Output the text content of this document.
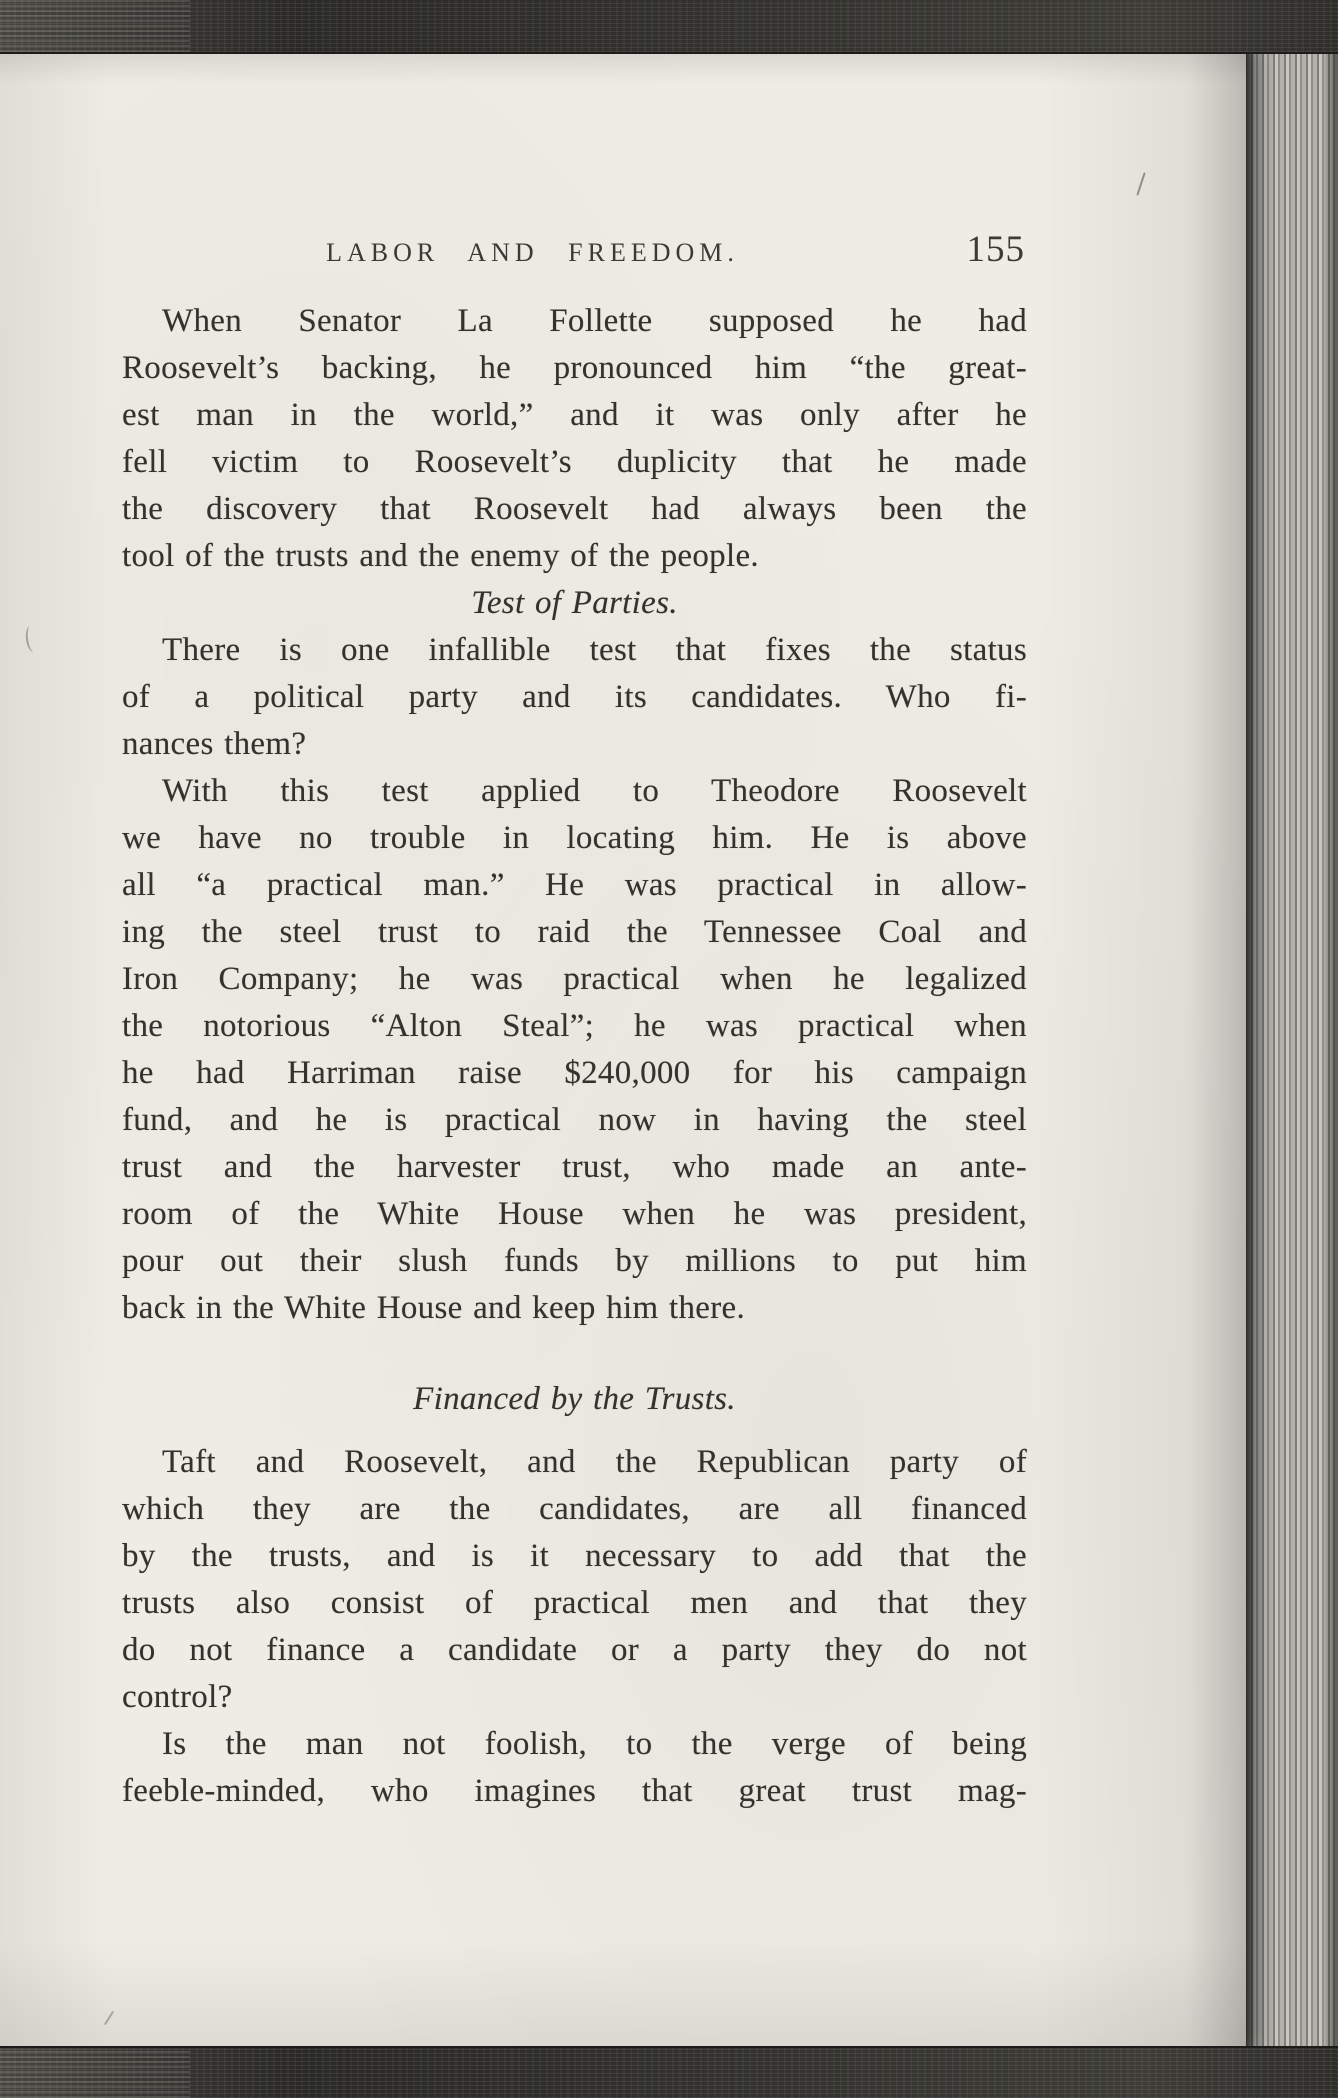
LABOR AND FREEDOM.	155
When Senator La Follette supposed he had
Roosevelt’s backing, he pronounced him “the great-
est man in the world,” and it was only after he
fell victim to Roosevelt’s duplicity that he made
the discovery that Roosevelt had always been the
tool of the trusts and the enemy of the people.
Test of Parties.
There is one infallible test that fixes the status
of a political party and its candidates. Who fi-
nances them?
With this test applied to Theodore Roosevelt
we have no trouble in locating him. He is above
all “a practical man.” He was practical in allow-
ing the steel trust to raid the Tennessee Coal and
Iron Company; he was practical when he legalized
the notorious “Alton Steal”; he was practical when
he had Harriman raise $240,000 for his campaign
fund, and he is practical now in having the steel
trust and the harvester trust, who made an ante-
room of the White House when he was president,
pour out their slush funds by millions to put him
back in the White House and keep him there.
Financed by the Trusts.
Taft and Roosevelt, and the Republican party of
which they are the candidates, are all financed
by the trusts, and is it necessary to add that the
trusts also consist of practical men and that they
do not finance a candidate or a party they do not
control?
Is the man not foolish, to the verge of being
feeble-minded, who imagines that great trust mag-
